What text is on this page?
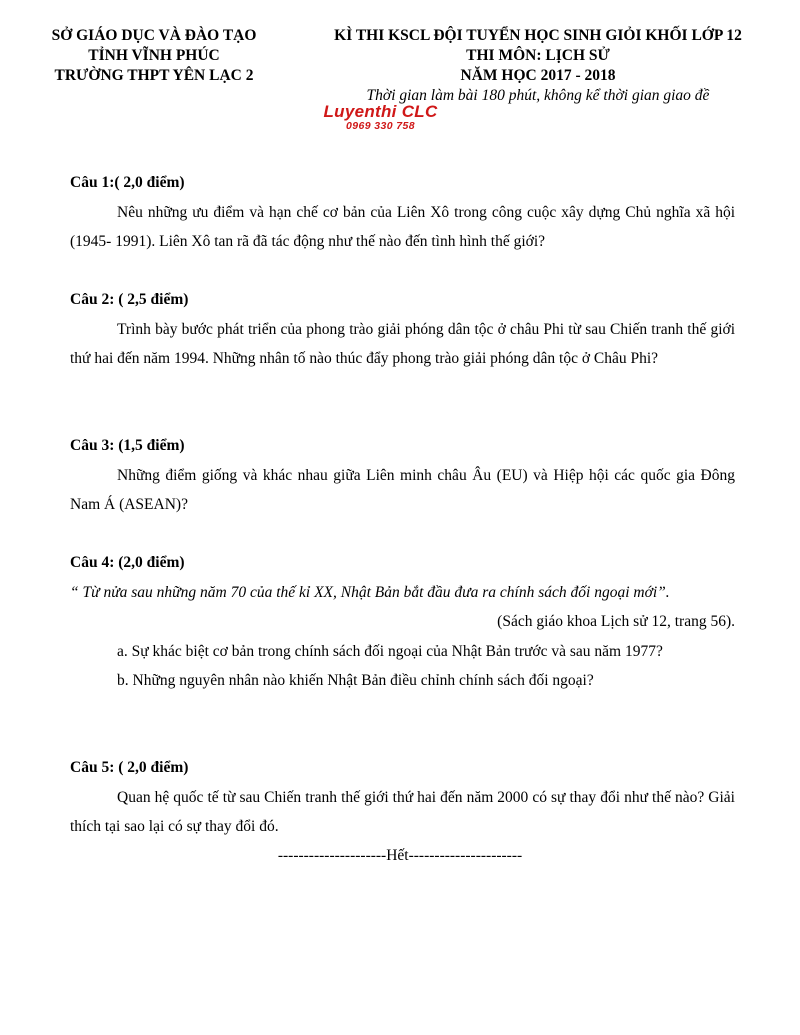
SỞ GIÁO DỤC VÀ ĐÀO TẠO
TỈNH VĨNH PHÚC
TRƯỜNG THPT YÊN LẠC 2
KÌ THI KSCL ĐỘI TUYỂN HỌC SINH GIỎI KHỐI LỚP 12
THI MÔN: LỊCH SỬ
NĂM HỌC 2017 - 2018
Thời gian làm bài 180 phút, không kể thời gian giao đề
Luyenthi CLC
0969 330 758
Câu 1:( 2,0 điểm)

Nêu những ưu điểm và hạn chế cơ bản của Liên Xô trong công cuộc xây dựng Chủ nghĩa xã hội (1945- 1991). Liên Xô tan rã đã tác động như thế nào đến tình hình thế giới?

Câu 2: ( 2,5 điểm)

Trình bày bước phát triển của phong trào giải phóng dân tộc ở châu Phi từ sau Chiến tranh thế giới thứ hai đến năm 1994. Những nhân tố nào thúc đẩy phong trào giải phóng dân tộc ở Châu Phi?

Câu 3: (1,5 điểm)

Những điểm giống và khác nhau giữa Liên minh châu Âu (EU) và Hiệp hội các quốc gia Đông Nam Á (ASEAN)?

Câu 4: (2,0 điểm)

“ Từ nửa sau những năm 70 của thế kỉ XX, Nhật Bản bắt đầu đưa ra chính sách đối ngoại mới”.

(Sách giáo khoa Lịch sử 12, trang 56).

a. Sự khác biệt cơ bản trong chính sách đối ngoại của Nhật Bản trước và sau năm 1977?

b. Những nguyên nhân nào khiến Nhật Bản điều chỉnh chính sách đối ngoại?

Câu 5: ( 2,0 điểm)

Quan hệ quốc tế từ sau Chiến tranh thế giới thứ hai đến năm 2000 có sự thay đổi như thế nào? Giải thích tại sao lại có sự thay đổi đó.

---------------------Hết----------------------
